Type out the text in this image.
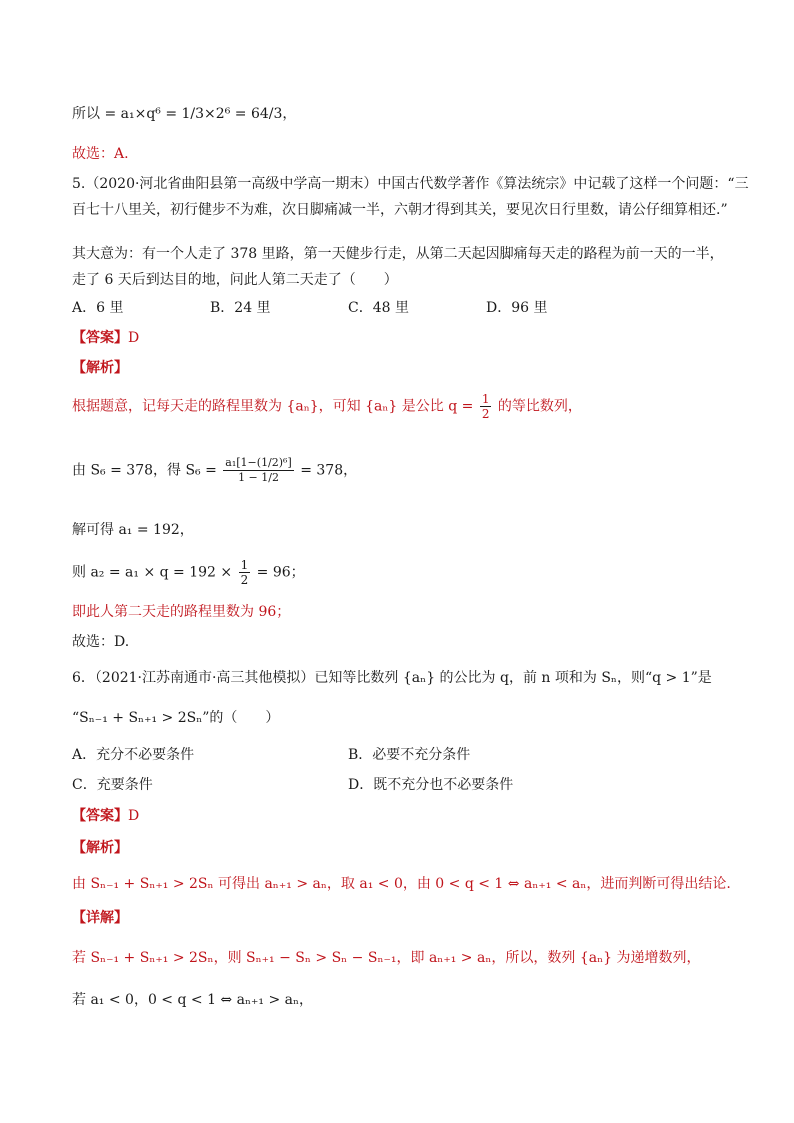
所以 = a₁×q⁶ = 1/3×2⁶ = 64/3，
故选：A.
5.（2020·河北省曲阳县第一高级中学高一期末）中国古代数学著作《算法统宗》中记载了这样一个问题：“三
百七十八里关，初行健步不为难，次日脚痛减一半，六朝才得到其关，要见次日行里数，请公仔细算相还.”
其大意为：有一个人走了 378 里路，第一天健步行走，从第二天起因脚痛每天走的路程为前一天的一半，
走了 6 天后到达目的地，问此人第二天走了（　　）
A．6 里	B．24 里	C．48 里	D．96 里
【答案】D
【解析】
根据题意，记每天走的路程里数为 {aₙ}，可知 {aₙ} 是公比 $q = \frac{1}{2}$ 的等比数列，
由 S₆ = 378，得 $S_6 = \frac{\text{a₁[1−(1/2)⁶]}}{1 - 1/2} = 378$，
解可得 a₁ = 192，
则 $a_2 = a_1 \times q = 192 \times \frac{1}{2} = 96$；
即此人第二天走的路程里数为 96；
故选：D.
6．（2021·江苏南通市·高三其他模拟）已知等比数列 {aₙ} 的公比为 q，前 n 项和为 Sₙ，则“q > 1”是
“Sₙ₋₁ + Sₙ₊₁ > 2Sₙ”的（　　）
A．充分不必要条件	B．必要不充分条件
C．充要条件	D．既不充分也不必要条件
【答案】D
【解析】
由 Sₙ₋₁ + Sₙ₊₁ > 2Sₙ 可得出 aₙ₊₁ > aₙ，取 a₁ < 0，由 0 < q < 1 ⇔ aₙ₊₁ < aₙ，进而判断可得出结论.
【详解】
若 Sₙ₋₁ + Sₙ₊₁ > 2Sₙ，则 Sₙ₊₁ − Sₙ > Sₙ − Sₙ₋₁，即 aₙ₊₁ > aₙ，所以，数列 {aₙ} 为递增数列，
若 a₁ < 0，0 < q < 1 ⇔ aₙ₊₁ > aₙ，
